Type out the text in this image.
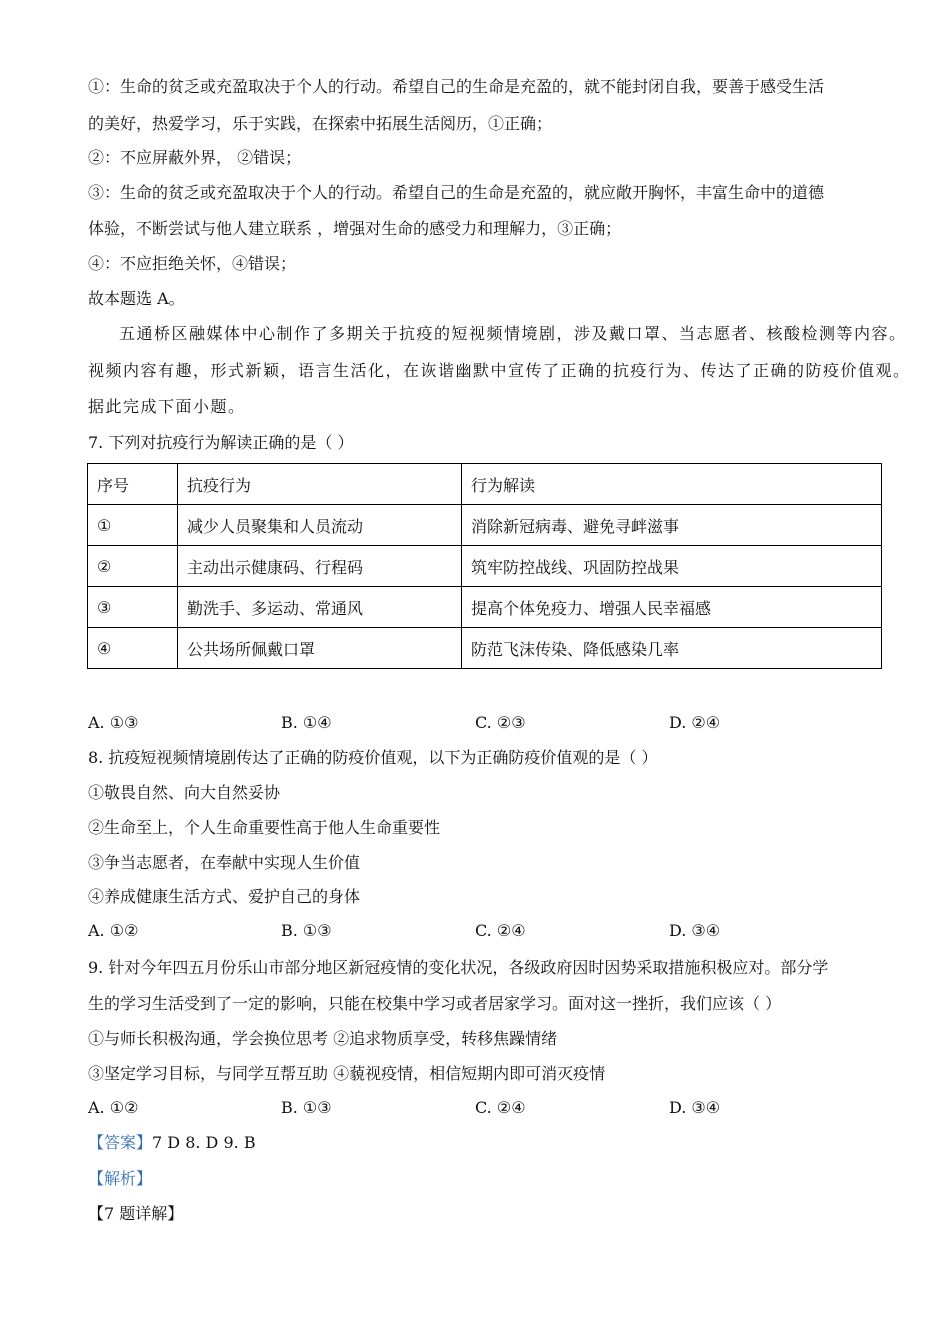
①：生命的贫乏或充盈取决于个人的行动。希望自己的生命是充盈的，就不能封闭自我，要善于感受生活
的美好，热爱学习，乐于实践，在探索中拓展生活阅历，①正确；
②：不应屏蔽外界， ②错误；
③：生命的贫乏或充盈取决于个人的行动。希望自己的生命是充盈的，就应敞开胸怀，丰富生命中的道德
体验，不断尝试与他人建立联系 ，增强对生命的感受力和理解力，③正确；
④：不应拒绝关怀，④错误；
故本题选 A。
五通桥区融媒体中心制作了多期关于抗疫的短视频情境剧，涉及戴口罩、当志愿者、核酸检测等内容。
视频内容有趣，形式新颖，语言生活化，在诙谐幽默中宣传了正确的抗疫行为、传达了正确的防疫价值观。
据此完成下面小题。
7. 下列对抗疫行为解读正确的是（ ）
序号	抗疫行为	行为解读
①	减少人员聚集和人员流动	消除新冠病毒、避免寻衅滋事
②	主动出示健康码、行程码	筑牢防控战线、巩固防控战果
③	勤洗手、多运动、常通风	提高个体免疫力、增强人民幸福感
④	公共场所佩戴口罩	防范飞沫传染、降低感染几率
A. ①③	B. ①④	C. ②③	D. ②④
8. 抗疫短视频情境剧传达了正确的防疫价值观，以下为正确防疫价值观的是（ ）
①敬畏自然、向大自然妥协
②生命至上，个人生命重要性高于他人生命重要性
③争当志愿者，在奉献中实现人生价值
④养成健康生活方式、爱护自己的身体
A. ①②	B. ①③	C. ②④	D. ③④
9. 针对今年四五月份乐山市部分地区新冠疫情的变化状况，各级政府因时因势采取措施积极应对。部分学
生的学习生活受到了一定的影响，只能在校集中学习或者居家学习。面对这一挫折，我们应该（ ）
①与师长积极沟通，学会换位思考 ②追求物质享受，转移焦躁情绪
③坚定学习目标，与同学互帮互助 ④藐视疫情，相信短期内即可消灭疫情
A. ①②	B. ①③	C. ②④	D. ③④
【答案】7 D 8. D 9. B
【解析】
【7 题详解】
